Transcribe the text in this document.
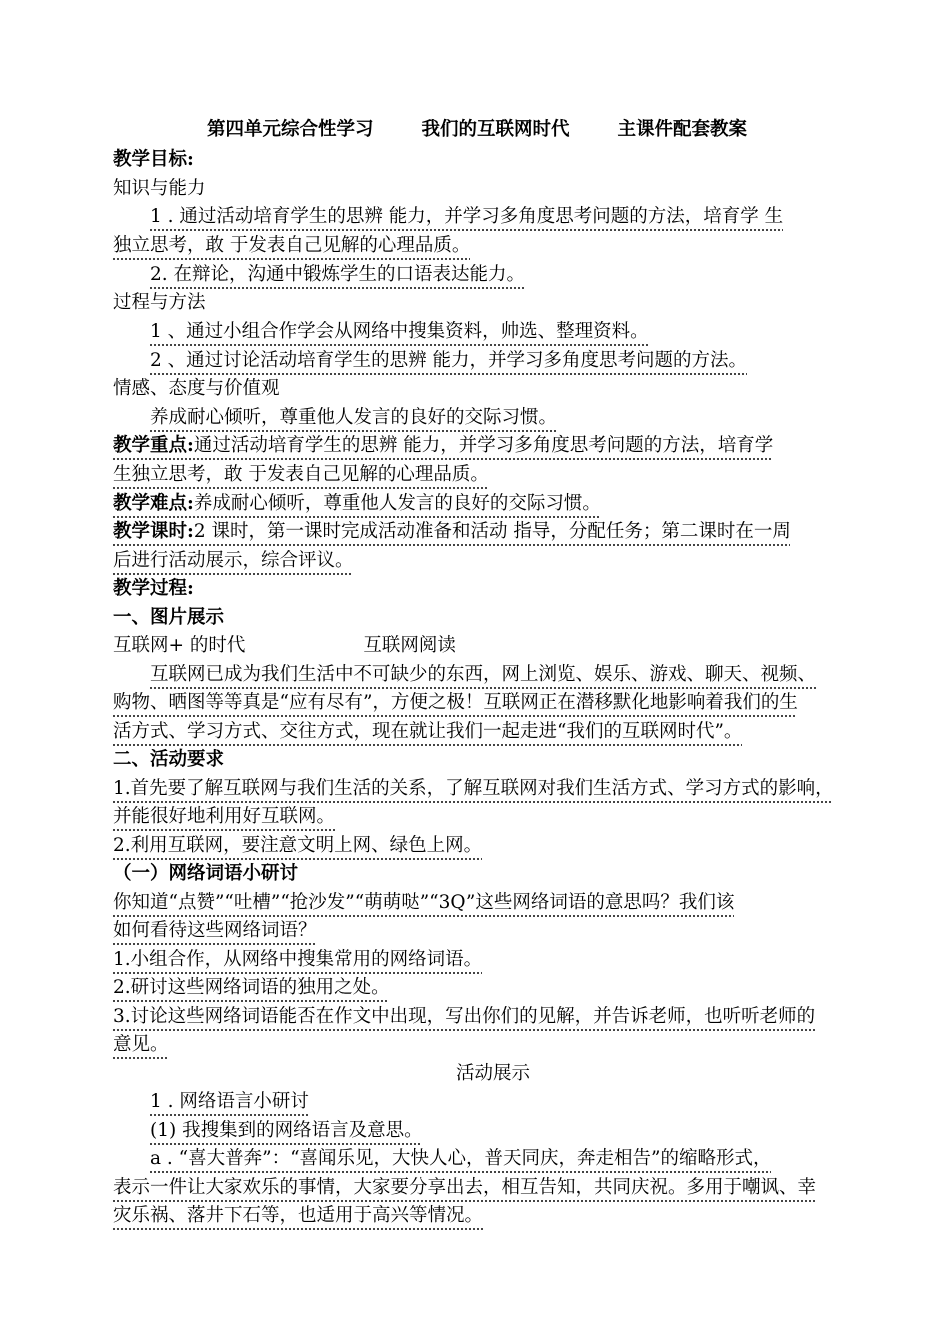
第四单元综合性学习	我们的互联网时代	主课件配套教案
教学目标:
知识与能力
1 . 通过活动培育学生的思辨 能力，并学习多角度思考问题的方法，培育学 生
独立思考，敢 于发表自己见解的心理品质。
2. 在辩论，沟通中锻炼学生的口语表达能力。
过程与方法
1 、通过小组合作学会从网络中搜集资料，帅选、整理资料。
2 、通过讨论活动培育学生的思辨 能力，并学习多角度思考问题的方法。
情感、态度与价值观
养成耐心倾听，尊重他人发言的良好的交际习惯。
教学重点:通过活动培育学生的思辨 能力，并学习多角度思考问题的方法，培育学
生独立思考，敢 于发表自己见解的心理品质。
教学难点:养成耐心倾听，尊重他人发言的良好的交际习惯。
教学课时:2 课时，第一课时完成活动准备和活动 指导，分配任务；第二课时在一周
后进行活动展示，综合评议。
教学过程:
一、图片展示
互联网+ 的时代	互联网阅读
互联网已成为我们生活中不可缺少的东西，网上浏览、娱乐、游戏、聊天、视频、
购物、晒图等等真是“应有尽有”，方便之极！互联网正在潜移默化地影响着我们的生
活方式、学习方式、交往方式，现在就让我们一起走进“我们的互联网时代”。
二、活动要求
1.首先要了解互联网与我们生活的关系，了解互联网对我们生活方式、学习方式的影响，
并能很好地利用好互联网。
2.利用互联网，要注意文明上网、绿色上网。
（一）网络词语小研讨
你知道“点赞”“吐槽”“抢沙发”“萌萌哒”“3Q”这些网络词语的意思吗？我们该
如何看待这些网络词语？
1.小组合作，从网络中搜集常用的网络词语。
2.研讨这些网络词语的独用之处。
3.讨论这些网络词语能否在作文中出现，写出你们的见解，并告诉老师，也听听老师的
意见。
活动展示
1 . 网络语言小研讨
(1) 我搜集到的网络语言及意思。
a . “喜大普奔”：“喜闻乐见，大快人心，普天同庆，奔走相告”的缩略形式，
表示一件让大家欢乐的事情，大家要分享出去，相互告知，共同庆祝。多用于嘲讽、幸
灾乐祸、落井下石等，也适用于高兴等情况。
